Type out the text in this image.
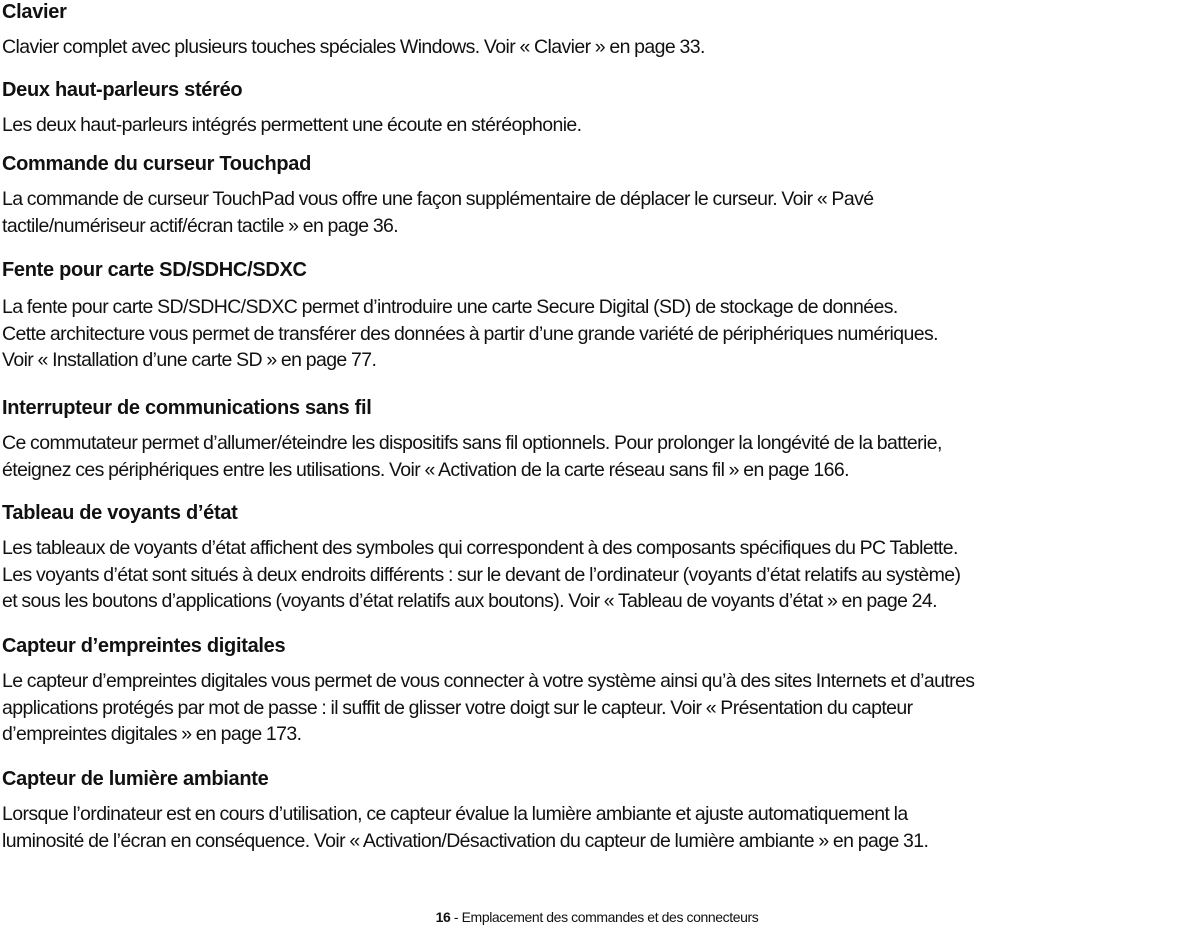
Clavier
Clavier complet avec plusieurs touches spéciales Windows. Voir « Clavier » en page 33.
Deux haut-parleurs stéréo
Les deux haut-parleurs intégrés permettent une écoute en stéréophonie.
Commande du curseur Touchpad
La commande de curseur TouchPad vous offre une façon supplémentaire de déplacer le curseur. Voir « Pavé
tactile/numériseur actif/écran tactile » en page 36.
Fente pour carte SD/SDHC/SDXC
La fente pour carte SD/SDHC/SDXC permet d’introduire une carte Secure Digital (SD) de stockage de données.
Cette architecture vous permet de transférer des données à partir d’une grande variété de périphériques numériques.
Voir « Installation d’une carte SD » en page 77.
Interrupteur de communications sans fil
Ce commutateur permet d’allumer/éteindre les dispositifs sans fil optionnels. Pour prolonger la longévité de la batterie,
éteignez ces périphériques entre les utilisations. Voir « Activation de la carte réseau sans fil » en page 166.
Tableau de voyants d’état
Les tableaux de voyants d’état affichent des symboles qui correspondent à des composants spécifiques du PC Tablette.
Les voyants d’état sont situés à deux endroits différents : sur le devant de l’ordinateur (voyants d’état relatifs au système)
et sous les boutons d’applications (voyants d’état relatifs aux boutons). Voir « Tableau de voyants d’état » en page 24.
Capteur d’empreintes digitales
Le capteur d’empreintes digitales vous permet de vous connecter à votre système ainsi qu’à des sites Internets et d’autres
applications protégés par mot de passe : il suffit de glisser votre doigt sur le capteur. Voir « Présentation du capteur
d’empreintes digitales » en page 173.
Capteur de lumière ambiante
Lorsque l’ordinateur est en cours d’utilisation, ce capteur évalue la lumière ambiante et ajuste automatiquement la
luminosité de l’écran en conséquence. Voir « Activation/Désactivation du capteur de lumière ambiante » en page 31.
16 - Emplacement des commandes et des connecteurs
